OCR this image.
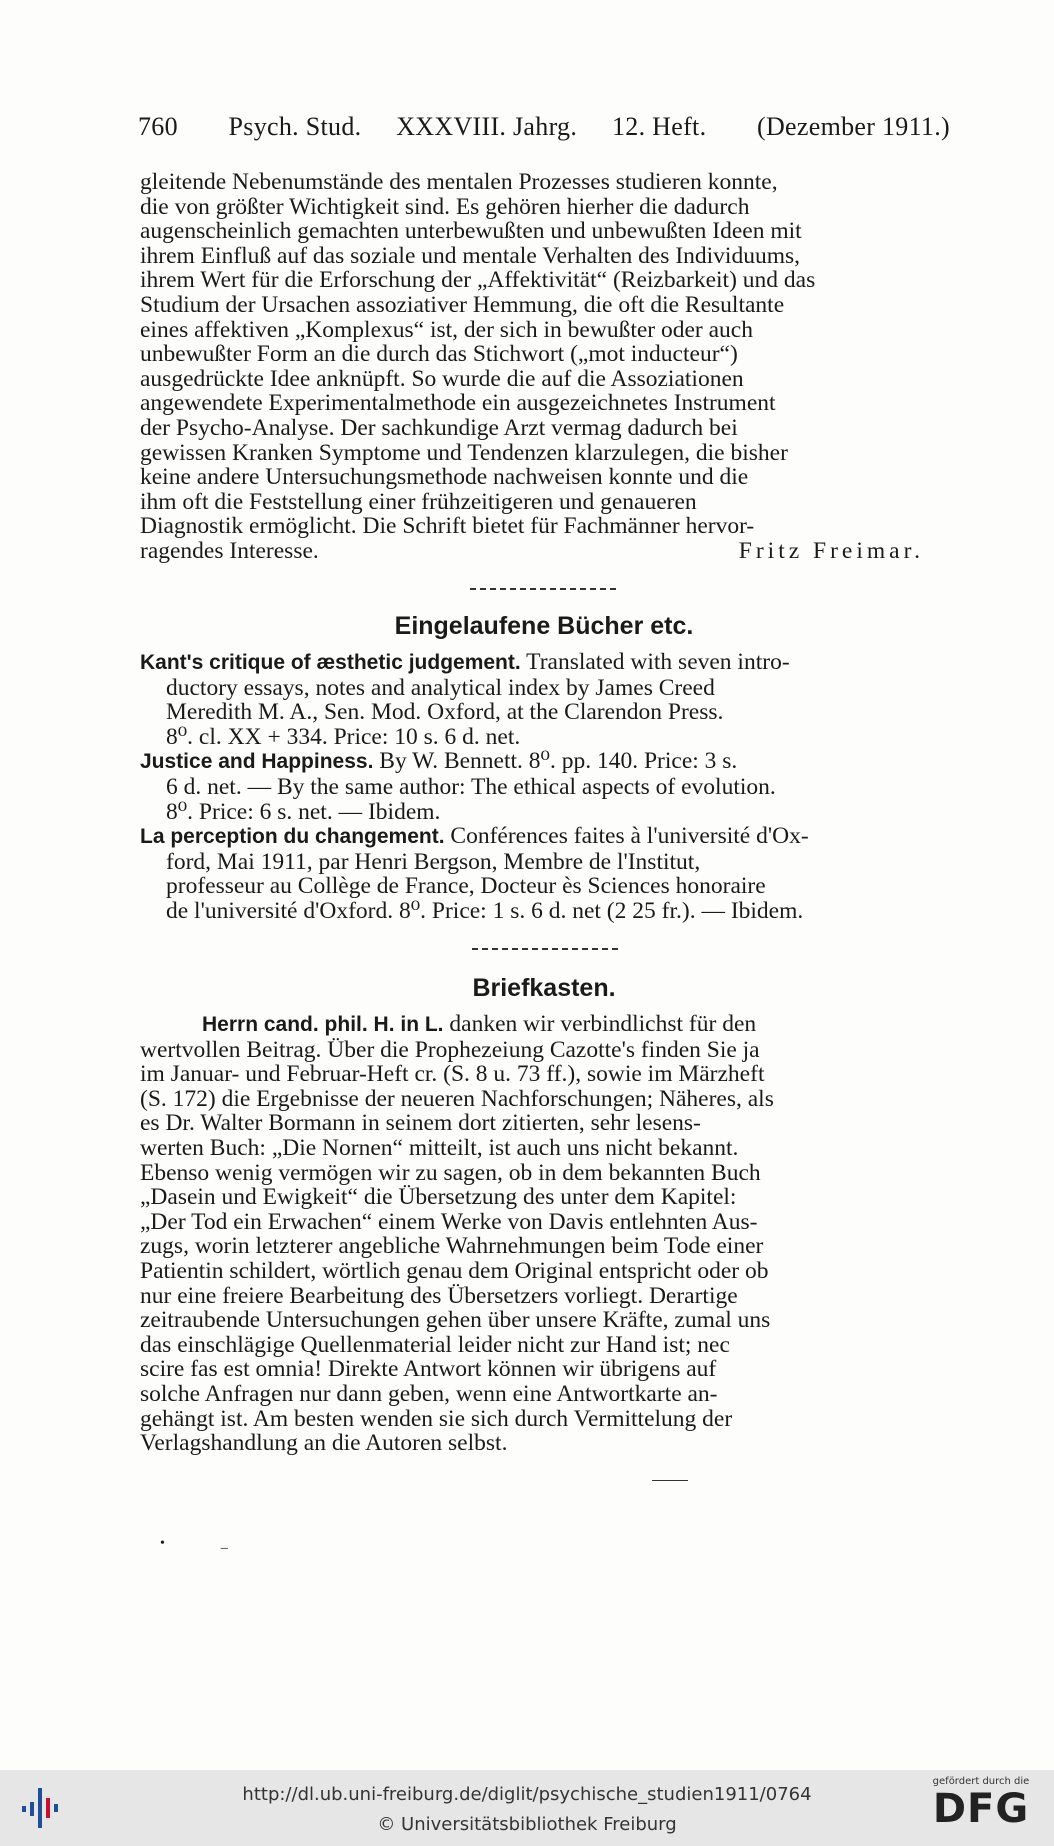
760	Psych. Stud. XXXVIII. Jahrg. 12. Heft.	(Dezember 1911.)
gleitende Nebenumstände des mentalen Prozesses studieren konnte,
die von größter Wichtigkeit sind. Es gehören hierher die dadurch
augenscheinlich gemachten unterbewußten und unbewußten Ideen mit
ihrem Einfluß auf das soziale und mentale Verhalten des Individuums,
ihrem Wert für die Erforschung der „Affektivität“ (Reizbarkeit) und das
Studium der Ursachen assoziativer Hemmung, die oft die Resultante
eines affektiven „Komplexus“ ist, der sich in bewußter oder auch
unbewußter Form an die durch das Stichwort („mot inducteur“)
ausgedrückte Idee anknüpft. So wurde die auf die Assoziationen
angewendete Experimentalmethode ein ausgezeichnetes Instrument
der Psycho-Analyse. Der sachkundige Arzt vermag dadurch bei
gewissen Kranken Symptome und Tendenzen klarzulegen, die bisher
keine andere Untersuchungsmethode nachweisen konnte und die
ihm oft die Feststellung einer frühzeitigeren und genaueren
Diagnostik ermöglicht. Die Schrift bietet für Fachmänner hervor-
ragendes Interesse.	Fritz Freimar.
Eingelaufene Bücher etc.
Kant's critique of æsthetic judgement. Translated with seven intro-
ductory essays, notes and analytical index by James Creed
Meredith M. A., Sen. Mod. Oxford, at the Clarendon Press.
8⁰. cl. XX + 334. Price: 10 s. 6 d. net.
Justice and Happiness. By W. Bennett. 8⁰. pp. 140. Price: 3 s.
6 d. net. — By the same author: The ethical aspects of evolution.
8⁰. Price: 6 s. net. — Ibidem.
La perception du changement. Conférences faites à l'université d'Ox-
ford, Mai 1911, par Henri Bergson, Membre de l'Institut,
professeur au Collège de France, Docteur ès Sciences honoraire
de l'université d'Oxford. 8⁰. Price: 1 s. 6 d. net (2 25 fr.). — Ibidem.
Briefkasten.
Herrn cand. phil. H. in L. danken wir verbindlichst für den
wertvollen Beitrag. Über die Prophezeiung Cazotte's finden Sie ja
im Januar- und Februar-Heft cr. (S. 8 u. 73 ff.), sowie im Märzheft
(S. 172) die Ergebnisse der neueren Nachforschungen; Näheres, als
es Dr. Walter Bormann in seinem dort zitierten, sehr lesens-
werten Buch: „Die Nornen“ mitteilt, ist auch uns nicht bekannt.
Ebenso wenig vermögen wir zu sagen, ob in dem bekannten Buch
„Dasein und Ewigkeit“ die Übersetzung des unter dem Kapitel:
„Der Tod ein Erwachen“ einem Werke von Davis entlehnten Aus-
zugs, worin letzterer angebliche Wahrnehmungen beim Tode einer
Patientin schildert, wörtlich genau dem Original entspricht oder ob
nur eine freiere Bearbeitung des Übersetzers vorliegt. Derartige
zeitraubende Untersuchungen gehen über unsere Kräfte, zumal uns
das einschlägige Quellenmaterial leider nicht zur Hand ist; nec
scire fas est omnia! Direkte Antwort können wir übrigens auf
solche Anfragen nur dann geben, wenn eine Antwortkarte an-
gehängt ist. Am besten wenden sie sich durch Vermittelung der
Verlagshandlung an die Autoren selbst.
•                _
http://dl.ub.uni-freiburg.de/diglit/psychische_studien1911/0764
© Universitätsbibliothek Freiburg
gefördert durch die
DFG
